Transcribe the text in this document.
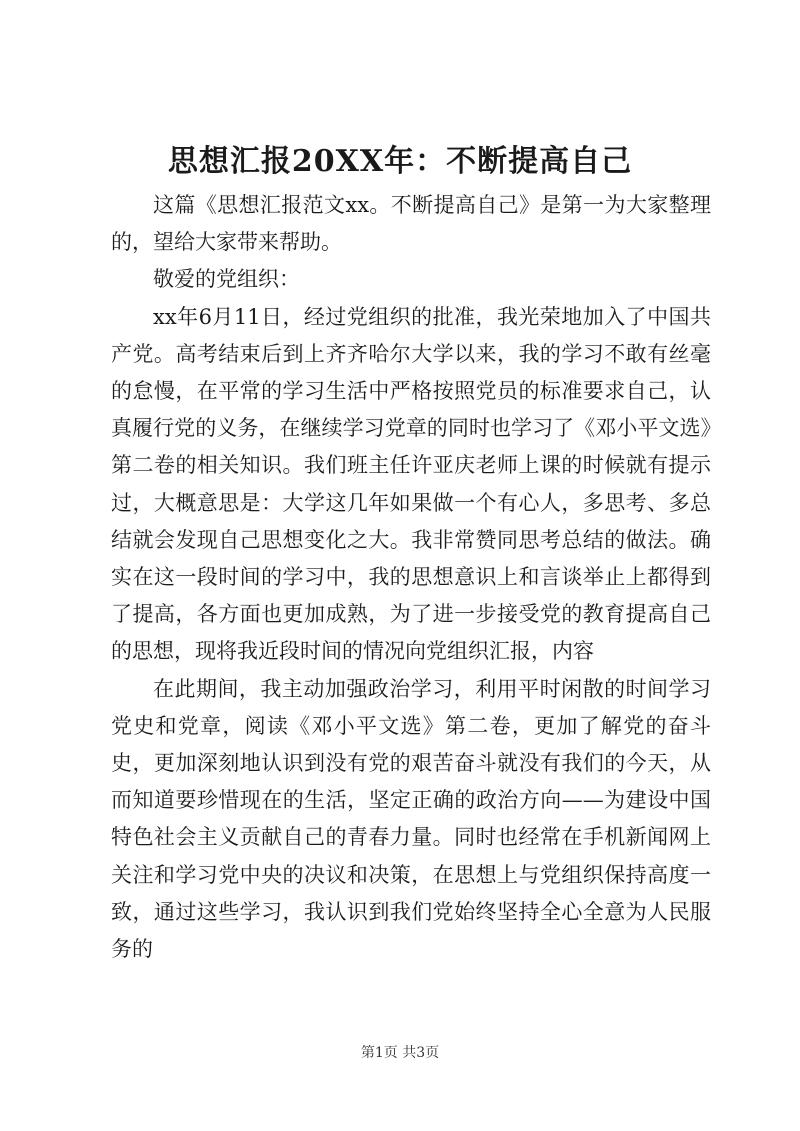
思想汇报20XX年：不断提高自己

这篇《思想汇报范文xx。不断提高自己》是第一为大家整理的，望给大家带来帮助。

敬爱的党组织：

xx年6月11日，经过党组织的批准，我光荣地加入了中国共产党。高考结束后到上齐齐哈尔大学以来，我的学习不敢有丝毫的怠慢，在平常的学习生活中严格按照党员的标准要求自己，认真履行党的义务，在继续学习党章的同时也学习了《邓小平文选》第二卷的相关知识。我们班主任许亚庆老师上课的时候就有提示过，大概意思是：大学这几年如果做一个有心人，多思考、多总结就会发现自己思想变化之大。我非常赞同思考总结的做法。确实在这一段时间的学习中，我的思想意识上和言谈举止上都得到了提高，各方面也更加成熟，为了进一步接受党的教育提高自己的思想，现将我近段时间的情况向党组织汇报，内容

在此期间，我主动加强政治学习，利用平时闲散的时间学习党史和党章，阅读《邓小平文选》第二卷，更加了解党的奋斗史，更加深刻地认识到没有党的艰苦奋斗就没有我们的今天，从而知道要珍惜现在的生活，坚定正确的政治方向——为建设中国特色社会主义贡献自己的青春力量。同时也经常在手机新闻网上关注和学习党中央的决议和决策，在思想上与党组织保持高度一致，通过这些学习，我认识到我们党始终坚持全心全意为人民服务的

第1页 共3页
